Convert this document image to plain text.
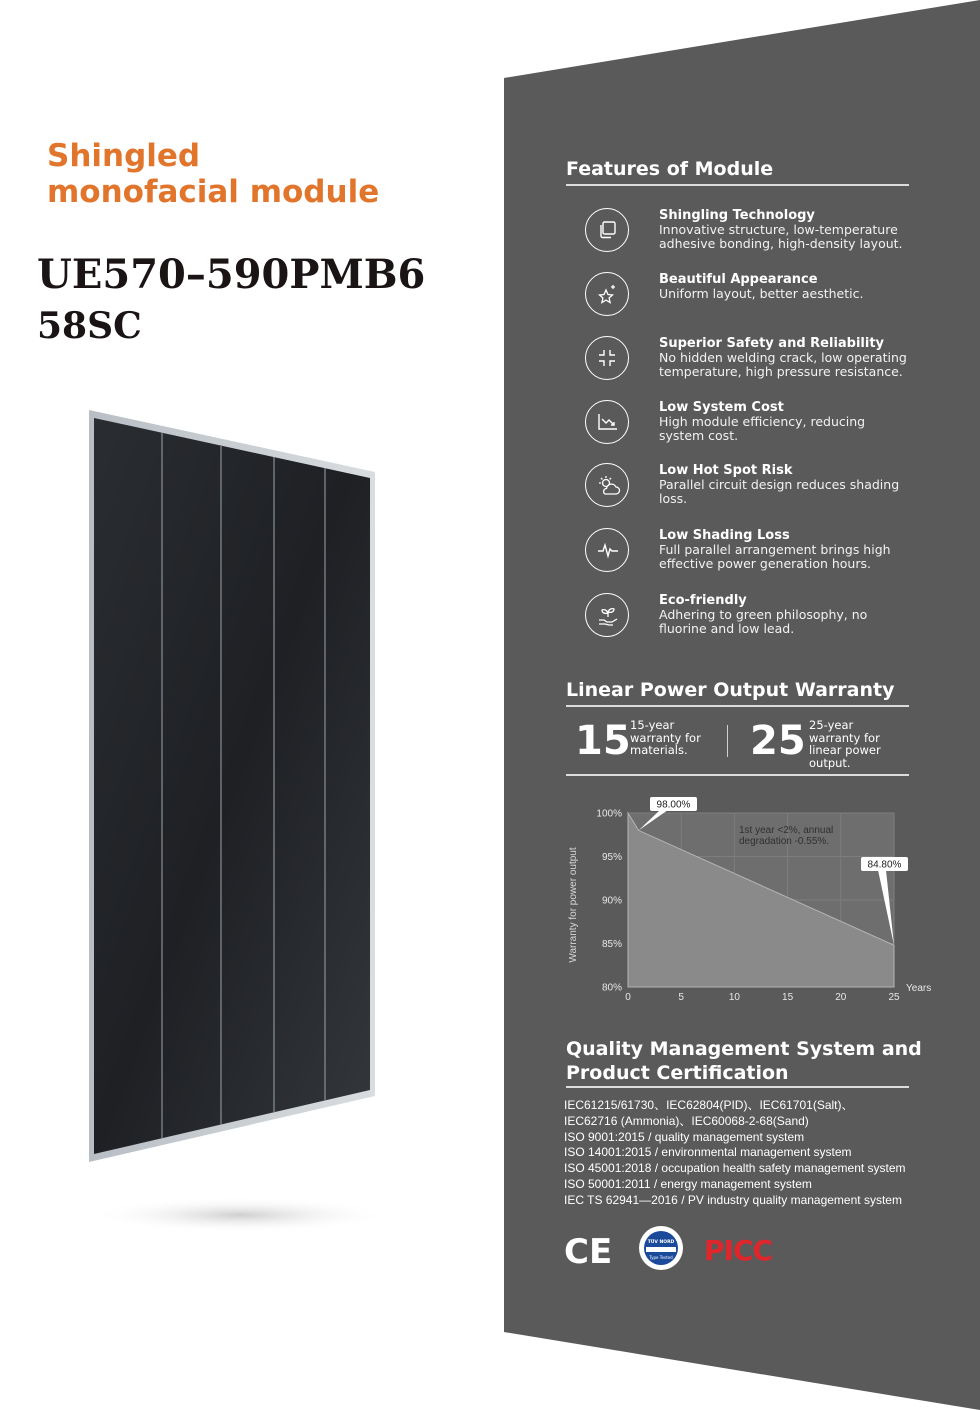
Shingled
monofacial module
UE570–590PMB6
58SC
Features of Module
Shingling Technology
Innovative structure, low-temperature
adhesive bonding, high-density layout.
Beautiful Appearance
Uniform layout, better aesthetic.
Superior Safety and Reliability
No hidden welding crack, low operating
temperature, high pressure resistance.
Low System Cost
High module efficiency, reducing
system cost.
Low Hot Spot Risk
Parallel circuit design reduces shading
loss.
Low Shading Loss
Full parallel arrangement brings high
effective power generation hours.
Eco-friendly
Adhering to green philosophy, no
fluorine and low lead.
Linear Power Output Warranty
15 15-year
warranty for
materials.	25 25-year
warranty for
linear power
output.
80%
85%
90%
95%
100%
0	5	10	15	20	25
Warranty for power output
Years
98.00%
84.80%
1st year <2%, annual
degradation -0.55%.
Quality Management System and
Product Certification
IEC61215/61730、IEC62804(PID)、IEC61701(Salt)、
IEC62716 (Ammonia)、IEC60068-2-68(Sand)
ISO 9001:2015 / quality management system
ISO 14001:2015 / environmental management system
ISO 45001:2018 / occupation health safety management system
ISO 50001:2011 / energy management system
IEC TS 62941—2016 / PV industry quality management system
CE	TÜV NORD
Type Tested PICC
